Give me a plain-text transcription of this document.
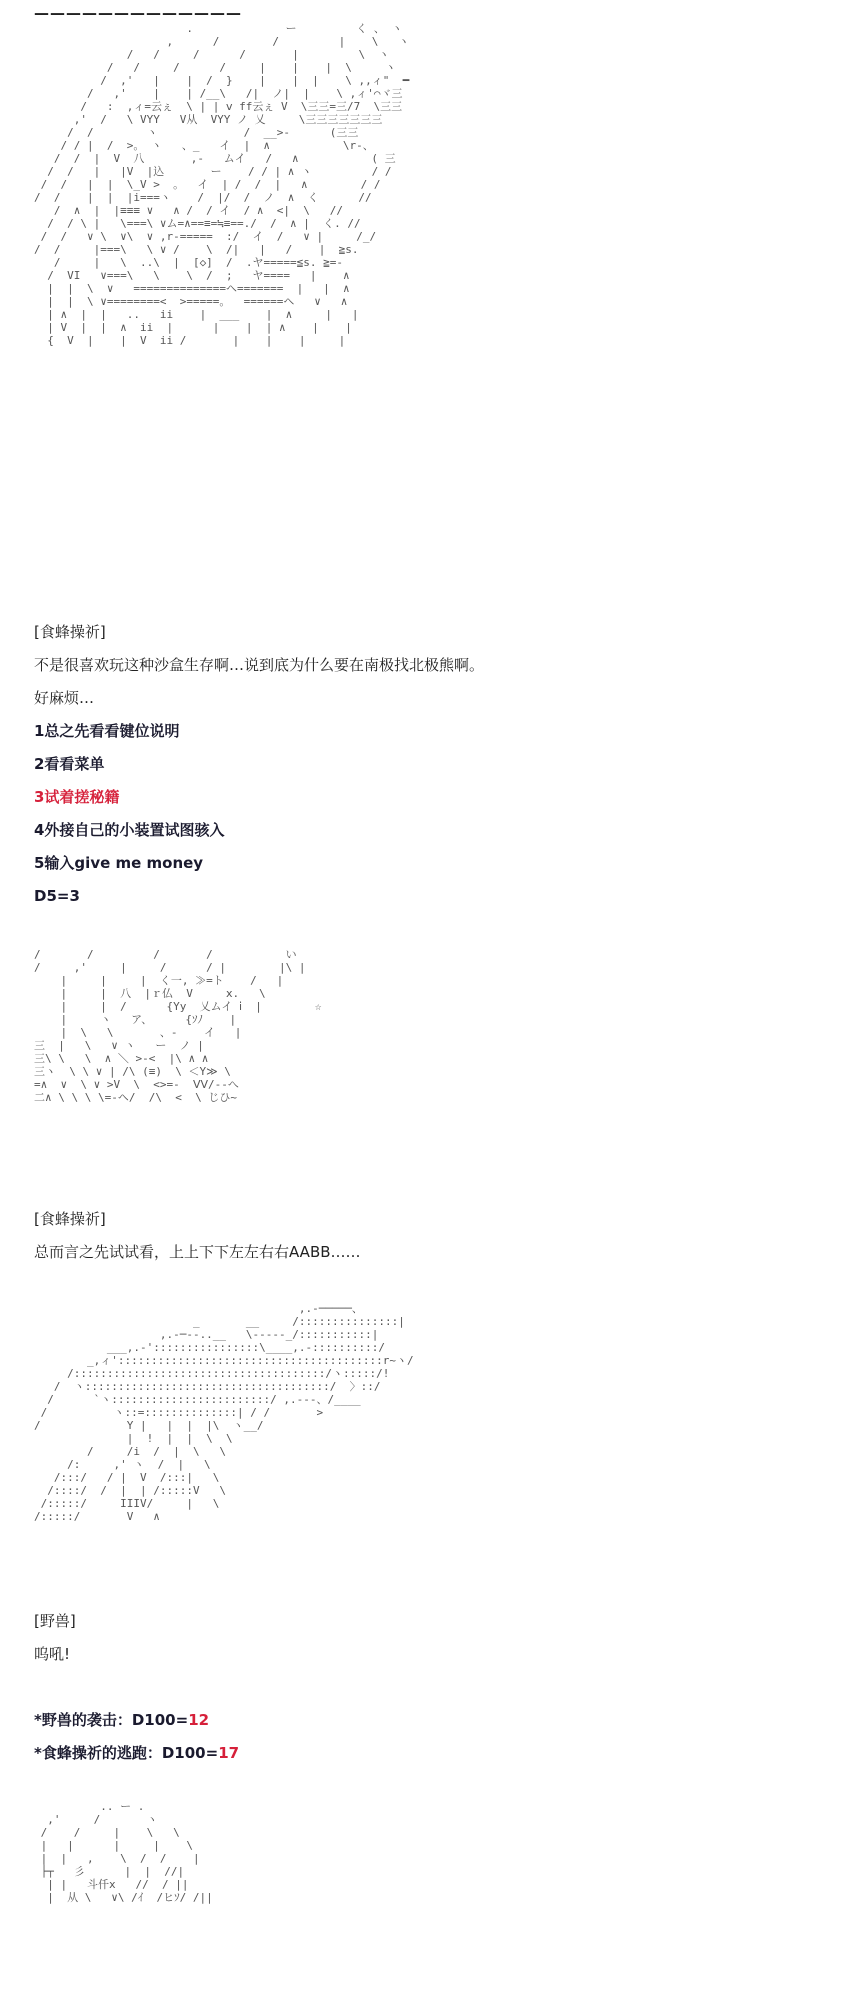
—————————————
.              ー         く 、 ヽ
,      /        /         |    \   ヽ
/   /     /      /       |         \  ヽ
/   /     /      /     |    |    |  \     ヽ
/  ,'   |    |  /  }    |    |  |    \ ,,ィ"  ━
/   ,'    |    | /__\   /|  ノ|  |    \ ,ィ'⌒ヾ三
/   :  ,ィ=云ぇ  \ | | ⅴ ff云ぇ V  \三三=三/7  \三三
,'  /   \ VYY   V从  VYY ノ 乂     \三三三三三三三
/  /        ヽ             /  __>-      (三三
/ / |  /  >。 ヽ   、_   イ  |  ∧           \r-、
/  /  |  V  八       ,-   ムイ   /   ∧           ( 三
/  /   |   |V  |込       ー    / / | ∧ ヽ         / /
/  /   |  |  \_V >  。  イ  | /  /  |   ∧        / /
/  /    |  |  |i===ヽ    /  |/  /  ノ  ∧  く      //
/  ∧  |  |≡≡≡ ∨   ∧ /  / イ  / ∧  <|  \   //
/  / \ |   \===\ ∨ム=∧==≡=≒≡==./  /  ∧ |  く. //
/  /   ∨ \  ∨\  ∨ ,r-=====  :/  イ  /   ∨ |     /_/
/  /     |===\   \ ∨ /    \  /|   |   /    |  ≧s.
/     |   \  ..\  |  [◇]  /  .ヤ=====≦s. ≧=-
/  VI   ∨===\   \    \  /  ;   ヤ====   |    ∧
|  |  \  ∨   ==============ヘ=======  |   |  ∧
|  |  \ ∨========<  >=====。  ======ヘ   ∨   ∧
| ∧  |  |   ..   ii    |  ___    |  ∧     |   |
| V  |  |  ∧  ii  |      |    |  | ∧    |    |
{  V  |    |  V  ii /       |    |    |     |
[食蜂操祈]
不是很喜欢玩这种沙盒生存啊…说到底为什么要在南极找北极熊啊。
好麻烦…
1总之先看看键位说明
2看看菜单
3试着搓秘籍
4外接自己的小装置试图骇入
5输入give me money
D5=3
/       /         /       /           い
/     ,'     |     /      / |        |\ |
|     |     |  く一, ≫=ト    /   |
|     |  八  |ｒ仏  V     ⅹ.   \
|     |  /      {Yy  乂ムイ ⅰ  |        ☆
|     ヽ   ア、     {ｿﾉ    |
|  \   \       、-    イ   |
三  |   \   ∨ ヽ   ー  ノ |
三\ \   \  ∧ ＼ >-<  |\ ∧ ∧
三ヽ  \ \ ∨ | /\ (≡)  \ ＜Y≫ \
=∧  ∨  \ ∨ >V  \  <>=-  ⅤⅤ/--へ
二∧ \ \ \ \=-ヘ/  /\  <  \ じひ~
[食蜂操祈]
总而言之先试试看，上上下下左左右右AABB……
,.-─────、
_       __     /:::::::::::::::|
,.-─--..__   \-----_/:::::::::::|
___,.-'::::::::::::::::\____,.-::::::::::/
_,ィ'::::::::::::::::::::::::::::::::::::::::r~ヽ/
/::::::::::::::::::::::::::::::::::::::/ヽ:::::/!
/  ヽ:::::::::::::::::::::::::::::::::::::/  〉::/
/      `ヽ::::::::::::::::::::::::/ ,.-‐-、/____
/          ヽ::=::::::::::::::| / /       >
/             Y |   |  |  |\  ヽ__/
|  !  |  |  \  \
/     /i  /  |  \   \
/:     ,' ヽ  /  |   \
/:::/   / |  V  /:::|   \
/::::/  /  |  | /:::::V   \
/:::::/     IIIV/     |   \
/:::::/       V   ∧
[野兽]
呜吼!
*野兽的袭击：D100=12
*食蜂操祈的逃跑：D100=17
.. ー .
,'     /       ヽ
/    /     |    \   \
|   |      |     |    \
|  |   ,    \  /  /    |
├┬   彡      |  |  //|
| |   斗仟x   //  / ||
|  从 \   ∨\ /ｲ  /ヒｿ/ /||
